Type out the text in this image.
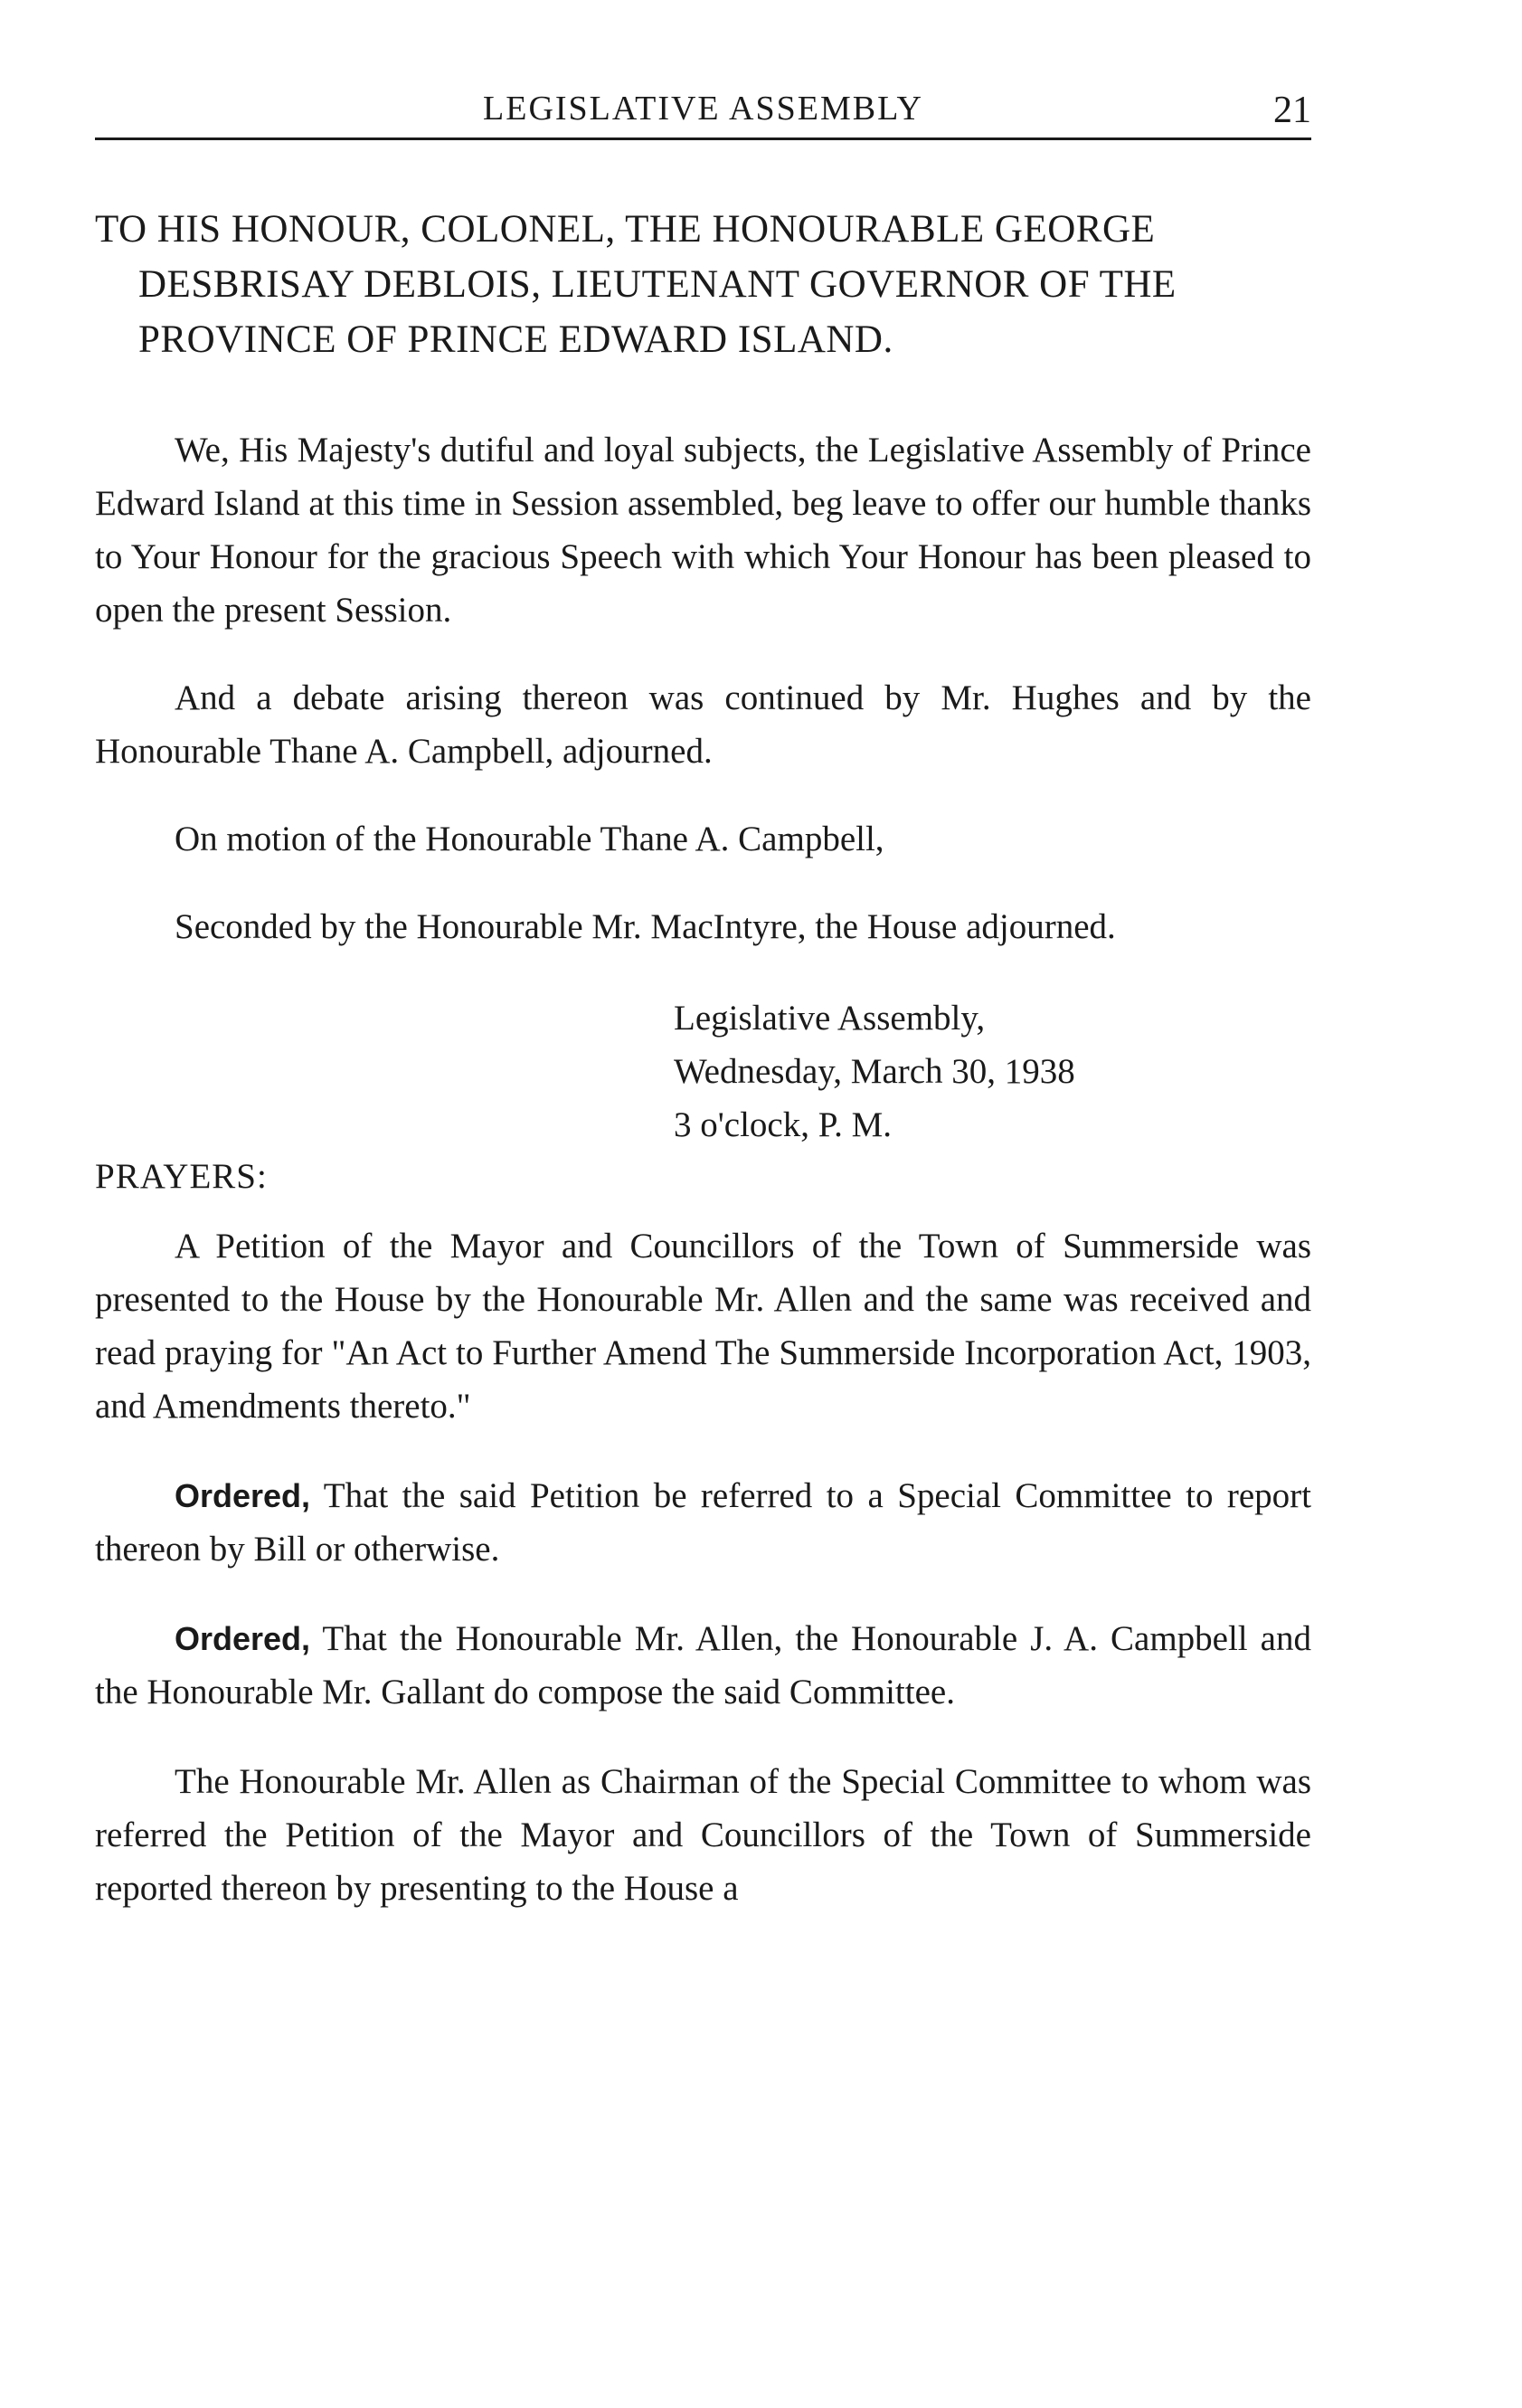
LEGISLATIVE ASSEMBLY	21
TO HIS HONOUR, COLONEL, THE HONOURABLE GEORGE
DESBRISAY DEBLOIS, LIEUTENANT GOVERNOR OF THE
PROVINCE OF PRINCE EDWARD ISLAND.

We, His Majesty's dutiful and loyal subjects, the Legislative Assembly of Prince Edward Island at this time in Session assembled, beg leave to offer our humble thanks to Your Honour for the gracious Speech with which Your Honour has been pleased to open the present Session.

And a debate arising thereon was continued by Mr. Hughes and by the Honourable Thane A. Campbell, adjourned.

On motion of the Honourable Thane A. Campbell,

Seconded by the Honourable Mr. MacIntyre, the House adjourned.

Legislative Assembly,
Wednesday, March 30, 1938
3 o'clock, P. M.
PRAYERS:

A Petition of the Mayor and Councillors of the Town of Summerside was presented to the House by the Honourable Mr. Allen and the same was received and read praying for "An Act to Further Amend The Summerside Incorporation Act, 1903, and Amendments thereto."

Ordered, That the said Petition be referred to a Special Committee to report thereon by Bill or otherwise.

Ordered, That the Honourable Mr. Allen, the Honourable J. A. Campbell and the Honourable Mr. Gallant do compose the said Committee.

The Honourable Mr. Allen as Chairman of the Special Committee to whom was referred the Petition of the Mayor and Councillors of the Town of Summerside reported thereon by presenting to the House a
